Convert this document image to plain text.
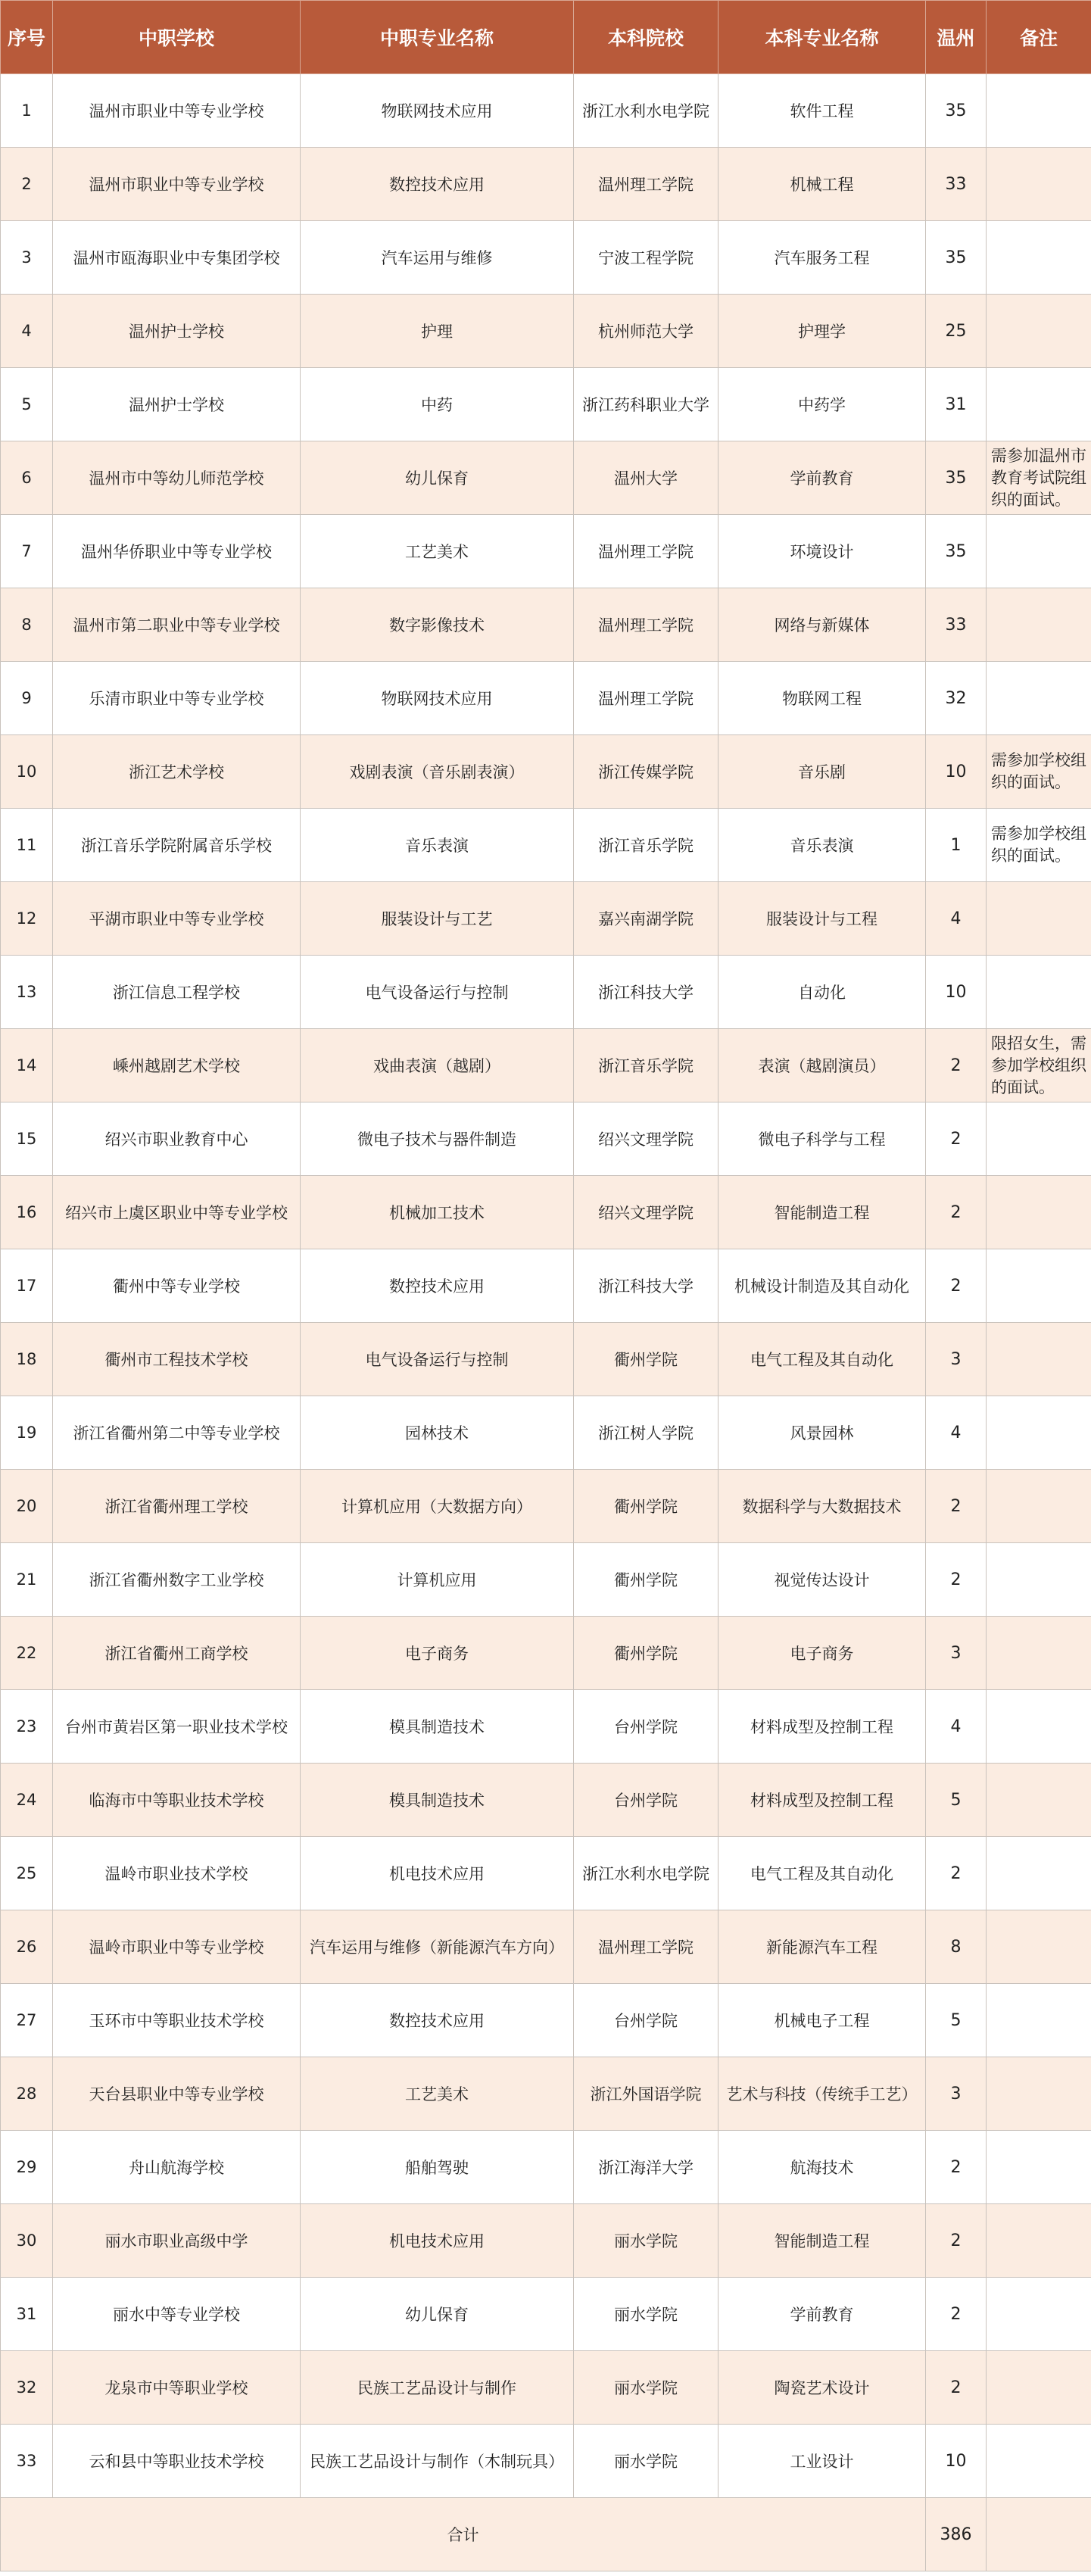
序号	中职学校	中职专业名称	本科院校	本科专业名称	温州	备注
1	温州市职业中等专业学校	物联网技术应用	浙江水利水电学院	软件工程	35	
2	温州市职业中等专业学校	数控技术应用	温州理工学院	机械工程	33	
3	温州市瓯海职业中专集团学校	汽车运用与维修	宁波工程学院	汽车服务工程	35	
4	温州护士学校	护理	杭州师范大学	护理学	25	
5	温州护士学校	中药	浙江药科职业大学	中药学	31	
6	温州市中等幼儿师范学校	幼儿保育	温州大学	学前教育	35	需参加温州市教育考试院组织的面试。
7	温州华侨职业中等专业学校	工艺美术	温州理工学院	环境设计	35	
8	温州市第二职业中等专业学校	数字影像技术	温州理工学院	网络与新媒体	33	
9	乐清市职业中等专业学校	物联网技术应用	温州理工学院	物联网工程	32	
10	浙江艺术学校	戏剧表演（音乐剧表演）	浙江传媒学院	音乐剧	10	需参加学校组织的面试。
11	浙江音乐学院附属音乐学校	音乐表演	浙江音乐学院	音乐表演	1	需参加学校组织的面试。
12	平湖市职业中等专业学校	服装设计与工艺	嘉兴南湖学院	服装设计与工程	4	
13	浙江信息工程学校	电气设备运行与控制	浙江科技大学	自动化	10	
14	嵊州越剧艺术学校	戏曲表演（越剧）	浙江音乐学院	表演（越剧演员）	2	限招女生，需参加学校组织的面试。
15	绍兴市职业教育中心	微电子技术与器件制造	绍兴文理学院	微电子科学与工程	2	
16	绍兴市上虞区职业中等专业学校	机械加工技术	绍兴文理学院	智能制造工程	2	
17	衢州中等专业学校	数控技术应用	浙江科技大学	机械设计制造及其自动化	2	
18	衢州市工程技术学校	电气设备运行与控制	衢州学院	电气工程及其自动化	3	
19	浙江省衢州第二中等专业学校	园林技术	浙江树人学院	风景园林	4	
20	浙江省衢州理工学校	计算机应用（大数据方向）	衢州学院	数据科学与大数据技术	2	
21	浙江省衢州数字工业学校	计算机应用	衢州学院	视觉传达设计	2	
22	浙江省衢州工商学校	电子商务	衢州学院	电子商务	3	
23	台州市黄岩区第一职业技术学校	模具制造技术	台州学院	材料成型及控制工程	4	
24	临海市中等职业技术学校	模具制造技术	台州学院	材料成型及控制工程	5	
25	温岭市职业技术学校	机电技术应用	浙江水利水电学院	电气工程及其自动化	2	
26	温岭市职业中等专业学校	汽车运用与维修（新能源汽车方向）	温州理工学院	新能源汽车工程	8	
27	玉环市中等职业技术学校	数控技术应用	台州学院	机械电子工程	5	
28	天台县职业中等专业学校	工艺美术	浙江外国语学院	艺术与科技（传统手工艺）	3	
29	舟山航海学校	船舶驾驶	浙江海洋大学	航海技术	2	
30	丽水市职业高级中学	机电技术应用	丽水学院	智能制造工程	2	
31	丽水中等专业学校	幼儿保育	丽水学院	学前教育	2	
32	龙泉市中等职业学校	民族工艺品设计与制作	丽水学院	陶瓷艺术设计	2	
33	云和县中等职业技术学校	民族工艺品设计与制作（木制玩具）	丽水学院	工业设计	10	
合计					386	
